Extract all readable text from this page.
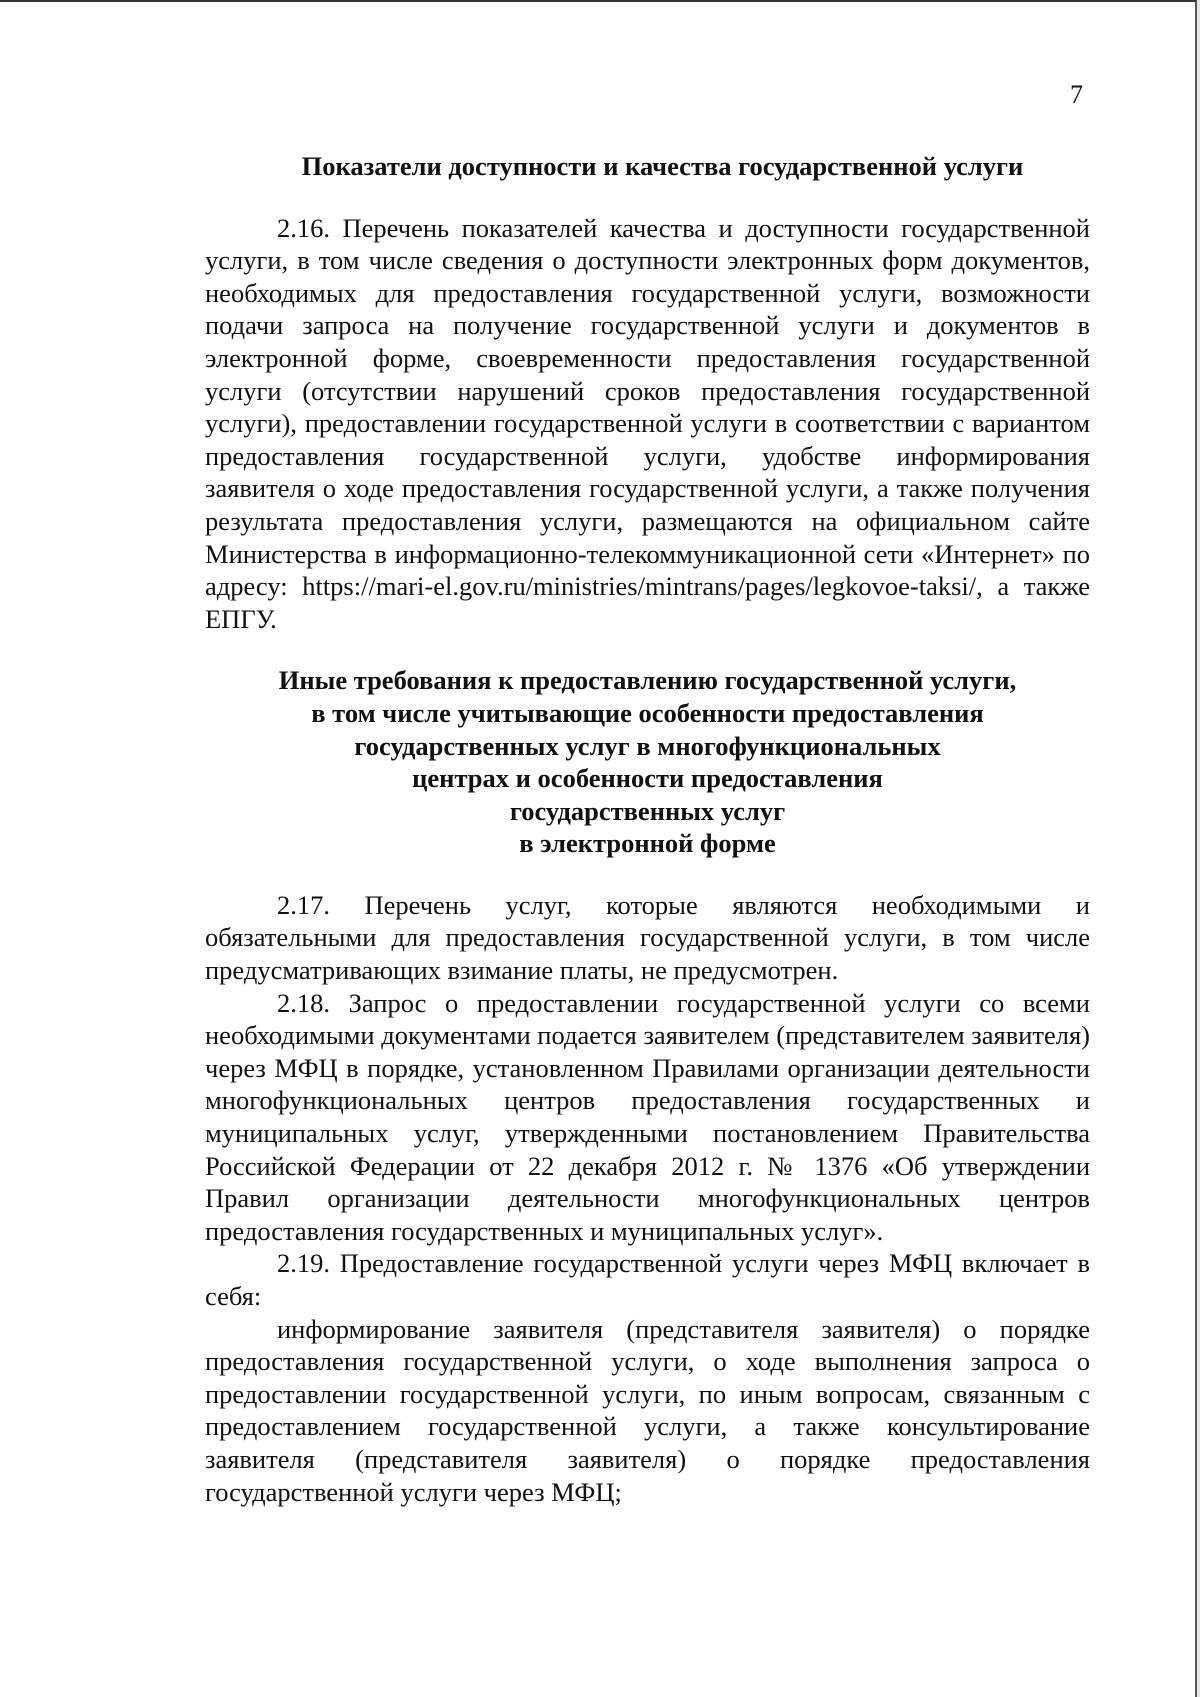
7
Показатели доступности и качества государственной услуги

2.16. Перечень показателей качества и доступности государственной услуги, в том числе сведения о доступности электронных форм документов, необходимых для предоставления государственной услуги, возможности подачи запроса на получение государственной услуги и документов в электронной форме, своевременности предоставления государственной услуги (отсутствии нарушений сроков предоставления государственной услуги), предоставлении государственной услуги в соответствии с вариантом предоставления государственной услуги, удобстве информирования заявителя о ходе предоставления государственной услуги, а также получения результата предоставления услуги, размещаются на официальном сайте Министерства в информационно-телекоммуникационной сети «Интернет» по адресу: https://mari-el.gov.ru/ministries/mintrans/pages/legkovoe-taksi/, а также ЕПГУ.

Иные требования к предоставлению государственной услуги,
в том числе учитывающие особенности предоставления
государственных услуг в многофункциональных
центрах и особенности предоставления
государственных услуг
в электронной форме

2.17. Перечень услуг, которые являются необходимыми и обязательными для предоставления государственной услуги, в том числе предусматривающих взимание платы, не предусмотрен.

2.18. Запрос о предоставлении государственной услуги со всеми необходимыми документами подается заявителем (представителем заявителя) через МФЦ в порядке, установленном Правилами организации деятельности многофункциональных центров предоставления государственных и муниципальных услуг, утвержденными постановлением Правительства Российской Федерации от 22 декабря 2012 г. № 1376 «Об утверждении Правил организации деятельности многофункциональных центров предоставления государственных и муниципальных услуг».

2.19. Предоставление государственной услуги через МФЦ включает в себя:

информирование заявителя (представителя заявителя) о порядке предоставления государственной услуги, о ходе выполнения запроса о предоставлении государственной услуги, по иным вопросам, связанным с предоставлением государственной услуги, а также консультирование заявителя (представителя заявителя) о порядке предоставления государственной услуги через МФЦ;
